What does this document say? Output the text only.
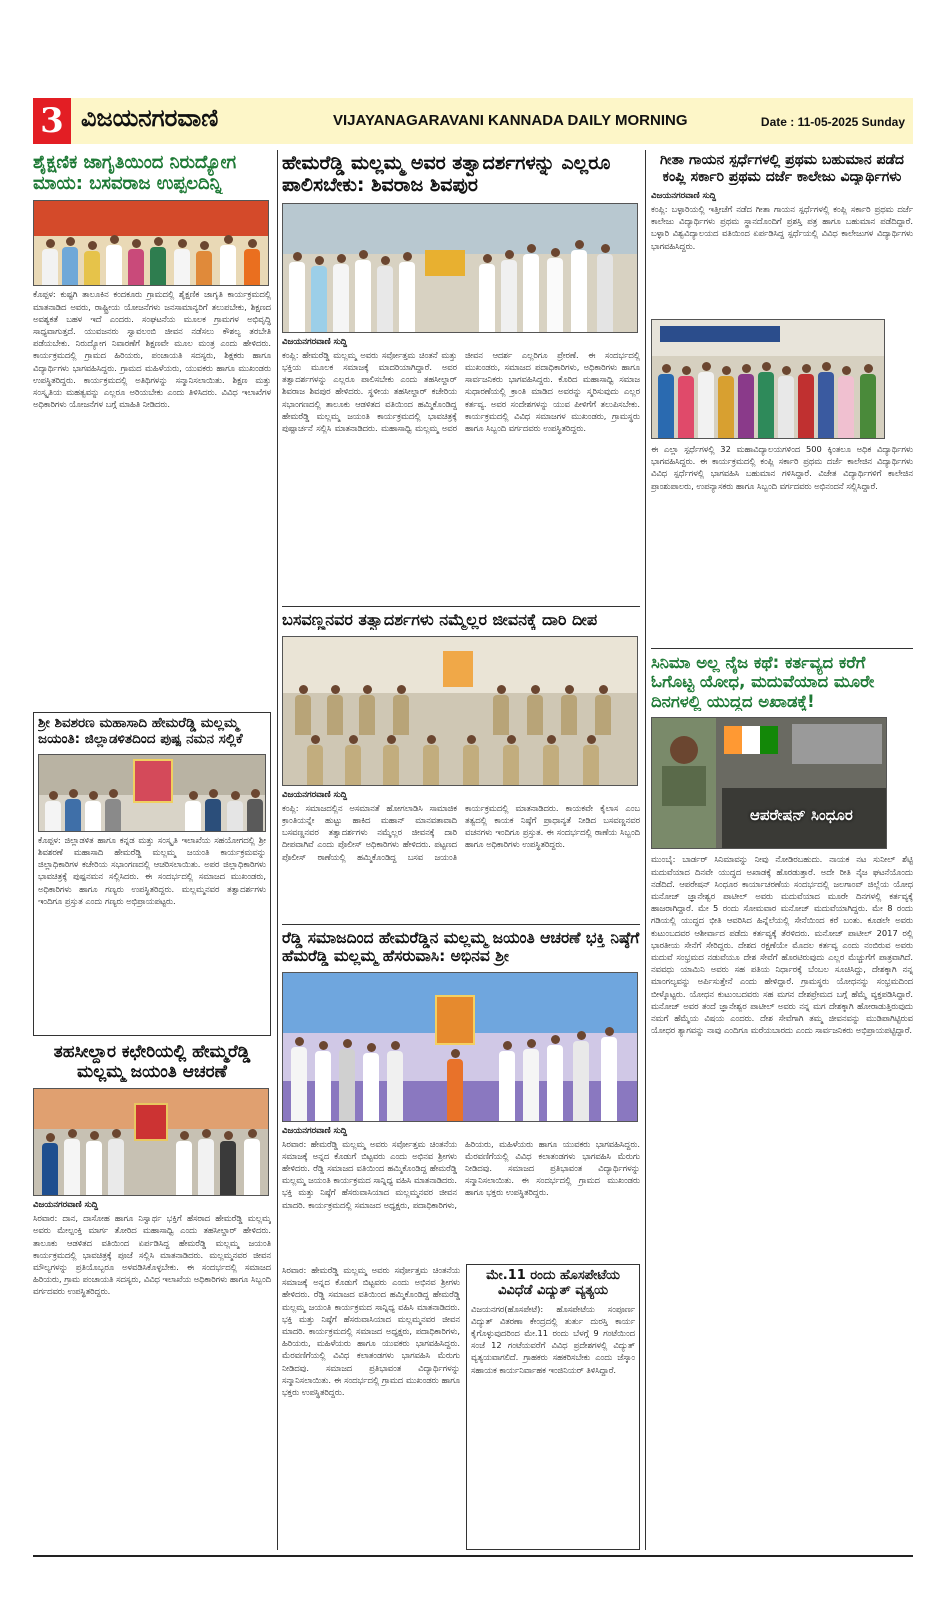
3 ವಿಜಯನಗರವಾಣಿ	VIJAYANAGARAVANI KANNADA DAILY MORNING	Date : 11-05-2025 Sunday
ಶೈಕ್ಷಣಿಕ ಜಾಗೃತಿಯಿಂದ ನಿರುದ್ಯೋಗ ಮಾಯ: ಬಸವರಾಜ ಉಪ್ಪಲದಿನ್ನಿ
ಕೊಪ್ಪಳ: ಕುಷ್ಟಗಿ ತಾಲೂಕಿನ ಕಂದಕೂರು ಗ್ರಾಮದಲ್ಲಿ ಶೈಕ್ಷಣಿಕ ಜಾಗೃತಿ ಕಾರ್ಯಕ್ರಮದಲ್ಲಿ ಮಾತನಾಡಿದ ಅವರು, ರಾಷ್ಟ್ರೀಯ ಯೋಜನೆಗಳು ಜನಸಾಮಾನ್ಯರಿಗೆ ತಲುಪಬೇಕು, ಶಿಕ್ಷಣದ ಅವಶ್ಯಕತೆ ಬಹಳ ಇದೆ ಎಂದರು. ಸಂಘಟನೆಯ ಮೂಲಕ ಗ್ರಾಮಗಳ ಅಭಿವೃದ್ಧಿ ಸಾಧ್ಯವಾಗುತ್ತದೆ. ಯುವಜನರು ಸ್ವಾವಲಂಬಿ ಜೀವನ ನಡೆಸಲು ಕೌಶಲ್ಯ ತರಬೇತಿ ಪಡೆಯಬೇಕು. ನಿರುದ್ಯೋಗ ನಿವಾರಣೆಗೆ ಶಿಕ್ಷಣವೇ ಮೂಲ ಮಂತ್ರ ಎಂದು ಹೇಳಿದರು. ಕಾರ್ಯಕ್ರಮದಲ್ಲಿ ಗ್ರಾಮದ ಹಿರಿಯರು, ಪಂಚಾಯತಿ ಸದಸ್ಯರು, ಶಿಕ್ಷಕರು ಹಾಗೂ ವಿದ್ಯಾರ್ಥಿಗಳು ಭಾಗವಹಿಸಿದ್ದರು. ಗ್ರಾಮದ ಮಹಿಳೆಯರು, ಯುವಕರು ಹಾಗೂ ಮುಖಂಡರು ಉಪಸ್ಥಿತರಿದ್ದರು. ಕಾರ್ಯಕ್ರಮದಲ್ಲಿ ಅತಿಥಿಗಳನ್ನು ಸನ್ಮಾನಿಸಲಾಯಿತು. ಶಿಕ್ಷಣ ಮತ್ತು ಸಂಸ್ಕೃತಿಯ ಮಹತ್ವವನ್ನು ಎಲ್ಲರೂ ಅರಿಯಬೇಕು ಎಂದು ತಿಳಿಸಿದರು. ವಿವಿಧ ಇಲಾಖೆಗಳ ಅಧಿಕಾರಿಗಳು ಯೋಜನೆಗಳ ಬಗ್ಗೆ ಮಾಹಿತಿ ನೀಡಿದರು.
ಶ್ರೀ ಶಿವಶರಣ ಮಹಾಸಾದಿ ಹೇಮರೆಡ್ಡಿ ಮಲ್ಲಮ್ಮ ಜಯಂತಿ: ಜಿಲ್ಲಾಡಳಿತದಿಂದ ಪುಷ್ಪ ನಮನ ಸಲ್ಲಿಕೆ
ಕೊಪ್ಪಳ: ಜಿಲ್ಲಾಡಳಿತ ಹಾಗೂ ಕನ್ನಡ ಮತ್ತು ಸಂಸ್ಕೃತಿ ಇಲಾಖೆಯ ಸಹಯೋಗದಲ್ಲಿ ಶ್ರೀ ಶಿವಶರಣೆ ಮಹಾಸಾದಿ ಹೇಮರೆಡ್ಡಿ ಮಲ್ಲಮ್ಮ ಜಯಂತಿ ಕಾರ್ಯಕ್ರಮವನ್ನು ಜಿಲ್ಲಾಧಿಕಾರಿಗಳ ಕಚೇರಿಯ ಸಭಾಂಗಣದಲ್ಲಿ ಆಚರಿಸಲಾಯಿತು. ಅಪರ ಜಿಲ್ಲಾಧಿಕಾರಿಗಳು ಭಾವಚಿತ್ರಕ್ಕೆ ಪುಷ್ಪನಮನ ಸಲ್ಲಿಸಿದರು. ಈ ಸಂದರ್ಭದಲ್ಲಿ ಸಮಾಜದ ಮುಖಂಡರು, ಅಧಿಕಾರಿಗಳು ಹಾಗೂ ಗಣ್ಯರು ಉಪಸ್ಥಿತರಿದ್ದರು. ಮಲ್ಲಮ್ಮನವರ ತತ್ವಾದರ್ಶಗಳು ಇಂದಿಗೂ ಪ್ರಸ್ತುತ ಎಂದು ಗಣ್ಯರು ಅಭಿಪ್ರಾಯಪಟ್ಟರು.
ತಹಸೀಲ್ದಾರ ಕಛೇರಿಯಲ್ಲಿ ಹೇಮ್ಮರೆಡ್ಡಿ ಮಲ್ಲಮ್ಮ ಜಯಂತಿ ಆಚರಣೆ
ವಿಜಯನಗರವಾಣಿ ಸುದ್ದಿ
ಸಿರವಾರ: ದಾನ, ದಾಸೋಹ ಹಾಗೂ ನಿಸ್ವಾರ್ಥ ಭಕ್ತಿಗೆ ಹೆಸರಾದ ಹೇಮರೆಡ್ಡಿ ಮಲ್ಲಮ್ಮ ಅವರು ಮೇಲ್ಪಂಕ್ತಿ ಮಾರ್ಗ ತೋರಿದ ಮಹಾಸಾಧ್ವಿ ಎಂದು ತಹಸೀಲ್ದಾರ್ ಹೇಳಿದರು. ತಾಲೂಕು ಆಡಳಿತದ ವತಿಯಿಂದ ಏರ್ಪಡಿಸಿದ್ದ ಹೇಮರೆಡ್ಡಿ ಮಲ್ಲಮ್ಮ ಜಯಂತಿ ಕಾರ್ಯಕ್ರಮದಲ್ಲಿ ಭಾವಚಿತ್ರಕ್ಕೆ ಪೂಜೆ ಸಲ್ಲಿಸಿ ಮಾತನಾಡಿದರು. ಮಲ್ಲಮ್ಮನವರ ಜೀವನ ಮೌಲ್ಯಗಳನ್ನು ಪ್ರತಿಯೊಬ್ಬರೂ ಅಳವಡಿಸಿಕೊಳ್ಳಬೇಕು. ಈ ಸಂದರ್ಭದಲ್ಲಿ ಸಮಾಜದ ಹಿರಿಯರು, ಗ್ರಾಮ ಪಂಚಾಯತಿ ಸದಸ್ಯರು, ವಿವಿಧ ಇಲಾಖೆಯ ಅಧಿಕಾರಿಗಳು ಹಾಗೂ ಸಿಬ್ಬಂದಿ ವರ್ಗದವರು ಉಪಸ್ಥಿತರಿದ್ದರು.
ಹೇಮರೆಡ್ಡಿ ಮಲ್ಲಮ್ಮ ಅವರ ತತ್ವಾದರ್ಶಗಳನ್ನು ಎಲ್ಲರೂ ಪಾಲಿಸಬೇಕು: ಶಿವರಾಜ ಶಿವಪುರ
ವಿಜಯನಗರವಾಣಿ ಸುದ್ದಿ
ಕಂಪ್ಲಿ: ಹೇಮರೆಡ್ಡಿ ಮಲ್ಲಮ್ಮ ಅವರು ಸರ್ವೋತ್ತಮ ಚಿಂತನೆ ಮತ್ತು ಭಕ್ತಿಯ ಮೂಲಕ ಸಮಾಜಕ್ಕೆ ಮಾದರಿಯಾಗಿದ್ದಾರೆ. ಅವರ ತತ್ವಾದರ್ಶಗಳನ್ನು ಎಲ್ಲರೂ ಪಾಲಿಸಬೇಕು ಎಂದು ತಹಸೀಲ್ದಾರ್ ಶಿವರಾಜ ಶಿವಪುರ ಹೇಳಿದರು. ಸ್ಥಳೀಯ ತಹಸೀಲ್ದಾರ್ ಕಚೇರಿಯ ಸಭಾಂಗಣದಲ್ಲಿ ತಾಲೂಕು ಆಡಳಿತದ ವತಿಯಿಂದ ಹಮ್ಮಿಕೊಂಡಿದ್ದ ಹೇಮರೆಡ್ಡಿ ಮಲ್ಲಮ್ಮ ಜಯಂತಿ ಕಾರ್ಯಕ್ರಮದಲ್ಲಿ ಭಾವಚಿತ್ರಕ್ಕೆ ಪುಷ್ಪಾರ್ಚನೆ ಸಲ್ಲಿಸಿ ಮಾತನಾಡಿದರು. ಮಹಾಸಾಧ್ವಿ ಮಲ್ಲಮ್ಮ ಅವರ ಜೀವನ ಆದರ್ಶ ಎಲ್ಲರಿಗೂ ಪ್ರೇರಣೆ. ಈ ಸಂದರ್ಭದಲ್ಲಿ ಮುಖಂಡರು, ಸಮಾಜದ ಪದಾಧಿಕಾರಿಗಳು, ಅಧಿಕಾರಿಗಳು ಹಾಗೂ ಸಾರ್ವಜನಿಕರು ಭಾಗವಹಿಸಿದ್ದರು. ಕೊರಿದ ಮಹಾಸಾಧ್ವಿ ಸಮಾಜ ಸುಧಾರಣೆಯಲ್ಲಿ ಕ್ರಾಂತಿ ಮಾಡಿದ ಅವರನ್ನು ಸ್ಮರಿಸುವುದು ಎಲ್ಲರ ಕರ್ತವ್ಯ. ಅವರ ಸಂದೇಶಗಳನ್ನು ಯುವ ಪೀಳಿಗೆಗೆ ತಲುಪಿಸಬೇಕು. ಕಾರ್ಯಕ್ರಮದಲ್ಲಿ ವಿವಿಧ ಸಮಾಜಗಳ ಮುಖಂಡರು, ಗ್ರಾಮಸ್ಥರು ಹಾಗೂ ಸಿಬ್ಬಂದಿ ವರ್ಗದವರು ಉಪಸ್ಥಿತರಿದ್ದರು.
ಬಸವಣ್ಣನವರ ತತ್ವಾದರ್ಶಗಳು ನಮ್ಮೆಲ್ಲರ ಜೀವನಕ್ಕೆ ದಾರಿ ದೀಪ
ವಿಜಯನಗರವಾಣಿ ಸುದ್ದಿ
ಕಂಪ್ಲಿ: ಸಮಾಜದಲ್ಲಿನ ಅಸಮಾನತೆ ಹೋಗಲಾಡಿಸಿ ಸಾಮಾಜಿಕ ಕ್ರಾಂತಿಯನ್ನೇ ಹುಟ್ಟು ಹಾಕಿದ ಮಹಾನ್ ಮಾನವತಾವಾದಿ ಬಸವಣ್ಣನವರ ತತ್ವಾದರ್ಶಗಳು ನಮ್ಮೆಲ್ಲರ ಜೀವನಕ್ಕೆ ದಾರಿ ದೀಪವಾಗಿವೆ ಎಂದು ಪೊಲೀಸ್ ಅಧಿಕಾರಿಗಳು ಹೇಳಿದರು. ಪಟ್ಟಣದ ಪೊಲೀಸ್ ಠಾಣೆಯಲ್ಲಿ ಹಮ್ಮಿಕೊಂಡಿದ್ದ ಬಸವ ಜಯಂತಿ ಕಾರ್ಯಕ್ರಮದಲ್ಲಿ ಮಾತನಾಡಿದರು. ಕಾಯಕವೇ ಕೈಲಾಸ ಎಂಬ ತತ್ವದಲ್ಲಿ ಕಾಯಕ ನಿಷ್ಠೆಗೆ ಪ್ರಾಧಾನ್ಯತೆ ನೀಡಿದ ಬಸವಣ್ಣನವರ ವಚನಗಳು ಇಂದಿಗೂ ಪ್ರಸ್ತುತ. ಈ ಸಂದರ್ಭದಲ್ಲಿ ಠಾಣೆಯ ಸಿಬ್ಬಂದಿ ಹಾಗೂ ಅಧಿಕಾರಿಗಳು ಉಪಸ್ಥಿತರಿದ್ದರು.
ರೆಡ್ಡಿ ಸಮಾಜದಿಂದ ಹೇಮರೆಡ್ಡಿನ ಮಲ್ಲಮ್ಮ ಜಯಂತಿ ಆಚರಣೆ ಭಕ್ತಿ ನಿಷ್ಠೆಗೆ ಹೆಮರೆಡ್ಡಿ ಮಲ್ಲಮ್ಮ ಹೆಸರುವಾಸಿ: ಅಭಿನವ ಶ್ರೀ
ವಿಜಯನಗರವಾಣಿ ಸುದ್ದಿ
ಸಿರವಾರ: ಹೇಮರೆಡ್ಡಿ ಮಲ್ಲಮ್ಮ ಅವರು ಸರ್ವೋತ್ತಮ ಚಿಂತನೆಯ ಸಮಾಜಕ್ಕೆ ಅನ್ನದ ಕೊಡುಗೆ ಬಿಟ್ಟವರು ಎಂದು ಅಭಿನವ ಶ್ರೀಗಳು ಹೇಳಿದರು. ರೆಡ್ಡಿ ಸಮಾಜದ ವತಿಯಿಂದ ಹಮ್ಮಿಕೊಂಡಿದ್ದ ಹೇಮರೆಡ್ಡಿ ಮಲ್ಲಮ್ಮ ಜಯಂತಿ ಕಾರ್ಯಕ್ರಮದ ಸಾನ್ನಿಧ್ಯ ವಹಿಸಿ ಮಾತನಾಡಿದರು. ಭಕ್ತಿ ಮತ್ತು ನಿಷ್ಠೆಗೆ ಹೆಸರುವಾಸಿಯಾದ ಮಲ್ಲಮ್ಮನವರ ಜೀವನ ಮಾದರಿ. ಕಾರ್ಯಕ್ರಮದಲ್ಲಿ ಸಮಾಜದ ಅಧ್ಯಕ್ಷರು, ಪದಾಧಿಕಾರಿಗಳು, ಹಿರಿಯರು, ಮಹಿಳೆಯರು ಹಾಗೂ ಯುವಕರು ಭಾಗವಹಿಸಿದ್ದರು. ಮೆರವಣಿಗೆಯಲ್ಲಿ ವಿವಿಧ ಕಲಾತಂಡಗಳು ಭಾಗವಹಿಸಿ ಮೆರುಗು ನೀಡಿದವು. ಸಮಾಜದ ಪ್ರತಿಭಾವಂತ ವಿದ್ಯಾರ್ಥಿಗಳನ್ನು ಸನ್ಮಾನಿಸಲಾಯಿತು. ಈ ಸಂದರ್ಭದಲ್ಲಿ ಗ್ರಾಮದ ಮುಖಂಡರು ಹಾಗೂ ಭಕ್ತರು ಉಪಸ್ಥಿತರಿದ್ದರು.
ಸಿರವಾರ: ಹೇಮರೆಡ್ಡಿ ಮಲ್ಲಮ್ಮ ಅವರು ಸರ್ವೋತ್ತಮ ಚಿಂತನೆಯ ಸಮಾಜಕ್ಕೆ ಅನ್ನದ ಕೊಡುಗೆ ಬಿಟ್ಟವರು ಎಂದು ಅಭಿನವ ಶ್ರೀಗಳು ಹೇಳಿದರು. ರೆಡ್ಡಿ ಸಮಾಜದ ವತಿಯಿಂದ ಹಮ್ಮಿಕೊಂಡಿದ್ದ ಹೇಮರೆಡ್ಡಿ ಮಲ್ಲಮ್ಮ ಜಯಂತಿ ಕಾರ್ಯಕ್ರಮದ ಸಾನ್ನಿಧ್ಯ ವಹಿಸಿ ಮಾತನಾಡಿದರು. ಭಕ್ತಿ ಮತ್ತು ನಿಷ್ಠೆಗೆ ಹೆಸರುವಾಸಿಯಾದ ಮಲ್ಲಮ್ಮನವರ ಜೀವನ ಮಾದರಿ. ಕಾರ್ಯಕ್ರಮದಲ್ಲಿ ಸಮಾಜದ ಅಧ್ಯಕ್ಷರು, ಪದಾಧಿಕಾರಿಗಳು, ಹಿರಿಯರು, ಮಹಿಳೆಯರು ಹಾಗೂ ಯುವಕರು ಭಾಗವಹಿಸಿದ್ದರು. ಮೆರವಣಿಗೆಯಲ್ಲಿ ವಿವಿಧ ಕಲಾತಂಡಗಳು ಭಾಗವಹಿಸಿ ಮೆರುಗು ನೀಡಿದವು. ಸಮಾಜದ ಪ್ರತಿಭಾವಂತ ವಿದ್ಯಾರ್ಥಿಗಳನ್ನು ಸನ್ಮಾನಿಸಲಾಯಿತು. ಈ ಸಂದರ್ಭದಲ್ಲಿ ಗ್ರಾಮದ ಮುಖಂಡರು ಹಾಗೂ ಭಕ್ತರು ಉಪಸ್ಥಿತರಿದ್ದರು.
ಮೇ.11 ರಂದು ಹೊಸಪೇಟೆಯ ವಿವಿಧೆಡೆ ವಿದ್ಯುತ್ ವ್ಯತ್ಯಯ
ವಿಜಯನಗರ(ಹೊಸಪೇಟೆ): ಹೊಸಪೇಟೆಯ ಸಂಪೂರ್ಣ ವಿದ್ಯುತ್ ವಿತರಣಾ ಕೇಂದ್ರದಲ್ಲಿ ತುರ್ತು ದುರಸ್ತಿ ಕಾರ್ಯ ಕೈಗೊಳ್ಳುವುದರಿಂದ ಮೇ.11 ರಂದು ಬೆಳಗ್ಗೆ 9 ಗಂಟೆಯಿಂದ ಸಂಜೆ 12 ಗಂಟೆಯವರೆಗೆ ವಿವಿಧ ಪ್ರದೇಶಗಳಲ್ಲಿ ವಿದ್ಯುತ್ ವ್ಯತ್ಯಯವಾಗಲಿದೆ. ಗ್ರಾಹಕರು ಸಹಕರಿಸಬೇಕು ಎಂದು ಜೆಸ್ಕಾಂ ಸಹಾಯಕ ಕಾರ್ಯನಿರ್ವಾಹಕ ಇಂಜಿನಿಯರ್ ತಿಳಿಸಿದ್ದಾರೆ.
ಗೀತಾ ಗಾಯನ ಸ್ಪರ್ಧೆಗಳಲ್ಲಿ ಪ್ರಥಮ ಬಹುಮಾನ ಪಡೆದ ಕಂಪ್ಲಿ ಸರ್ಕಾರಿ ಪ್ರಥಮ ದರ್ಜೆ ಕಾಲೇಜು ವಿದ್ಯಾರ್ಥಿಗಳು
ವಿಜಯನಗರವಾಣಿ ಸುದ್ದಿ
ಕಂಪ್ಲಿ: ಬಳ್ಳಾರಿಯಲ್ಲಿ ಇತ್ತೀಚೆಗೆ ನಡೆದ ಗೀತಾ ಗಾಯನ ಸ್ಪರ್ಧೆಗಳಲ್ಲಿ ಕಂಪ್ಲಿ ಸರ್ಕಾರಿ ಪ್ರಥಮ ದರ್ಜೆ ಕಾಲೇಜು ವಿದ್ಯಾರ್ಥಿಗಳು ಪ್ರಥಮ ಸ್ಥಾನದೊಂದಿಗೆ ಪ್ರಶಸ್ತಿ ಪತ್ರ ಹಾಗೂ ಬಹುಮಾನ ಪಡೆದಿದ್ದಾರೆ. ಬಳ್ಳಾರಿ ವಿಶ್ವವಿದ್ಯಾಲಯದ ವತಿಯಿಂದ ಏರ್ಪಡಿಸಿದ್ದ ಸ್ಪರ್ಧೆಯಲ್ಲಿ ವಿವಿಧ ಕಾಲೇಜುಗಳ ವಿದ್ಯಾರ್ಥಿಗಳು ಭಾಗವಹಿಸಿದ್ದರು.
ಈ ಎಲ್ಲಾ ಸ್ಪರ್ಧೆಗಳಲ್ಲಿ 32 ಮಹಾವಿದ್ಯಾಲಯಗಳಿಂದ 500 ಕ್ಕಿಂತಲೂ ಅಧಿಕ ವಿದ್ಯಾರ್ಥಿಗಳು ಭಾಗವಹಿಸಿದ್ದರು. ಈ ಕಾರ್ಯಕ್ರಮದಲ್ಲಿ ಕಂಪ್ಲಿ ಸರ್ಕಾರಿ ಪ್ರಥಮ ದರ್ಜೆ ಕಾಲೇಜಿನ ವಿದ್ಯಾರ್ಥಿಗಳು ವಿವಿಧ ಸ್ಪರ್ಧೆಗಳಲ್ಲಿ ಭಾಗವಹಿಸಿ ಬಹುಮಾನ ಗಳಿಸಿದ್ದಾರೆ. ವಿಜೇತ ವಿದ್ಯಾರ್ಥಿಗಳಿಗೆ ಕಾಲೇಜಿನ ಪ್ರಾಂಶುಪಾಲರು, ಉಪನ್ಯಾಸಕರು ಹಾಗೂ ಸಿಬ್ಬಂದಿ ವರ್ಗದವರು ಅಭಿನಂದನೆ ಸಲ್ಲಿಸಿದ್ದಾರೆ.
ಸಿನಿಮಾ ಅಲ್ಲ ನೈಜ ಕಥೆ: ಕರ್ತವ್ಯದ ಕರೆಗೆ ಓಗೊಟ್ಟ ಯೋಧ, ಮದುವೆಯಾದ ಮೂರೇ ದಿನಗಳಲ್ಲಿ ಯುದ್ಧದ ಅಖಾಡಕ್ಕೆ!
ಆಪರೇಷನ್ ಸಿಂಧೂರ
ಮುಂಬೈ: ಬಾರ್ಡರ್ ಸಿನಿಮಾವನ್ನು ನೀವು ನೋಡಿರಬಹುದು. ನಾಯಕ ನಟ ಸುನೀಲ್ ಶೆಟ್ಟಿ ಮದುವೆಯಾದ ದಿನವೇ ಯುದ್ಧದ ಅಖಾಡಕ್ಕೆ ಹೊರಡುತ್ತಾರೆ. ಅದೇ ರೀತಿ ನೈಜ ಘಟನೆಯೊಂದು ನಡೆದಿದೆ. ಆಪರೇಷನ್ ಸಿಂಧೂರ ಕಾರ್ಯಾಚರಣೆಯ ಸಂದರ್ಭದಲ್ಲಿ ಜಲಗಾಂವ್ ಜಿಲ್ಲೆಯ ಯೋಧ ಮನೋಜ್ ಜ್ಞಾನೇಶ್ವರ ಪಾಟೀಲ್ ಅವರು ಮದುವೆಯಾದ ಮೂರೇ ದಿನಗಳಲ್ಲಿ ಕರ್ತವ್ಯಕ್ಕೆ ಹಾಜರಾಗಿದ್ದಾರೆ. ಮೇ 5 ರಂದು ಸೋಮವಾರ ಮನೋಜ್ ಮದುವೆಯಾಗಿದ್ದರು. ಮೇ 8 ರಂದು ಗಡಿಯಲ್ಲಿ ಯುದ್ಧದ ಭೀತಿ ಆವರಿಸಿದ ಹಿನ್ನೆಲೆಯಲ್ಲಿ ಸೇನೆಯಿಂದ ಕರೆ ಬಂತು. ಕೂಡಲೇ ಅವರು ಕುಟುಂಬದವರ ಆಶೀರ್ವಾದ ಪಡೆದು ಕರ್ತವ್ಯಕ್ಕೆ ತೆರಳಿದರು. ಮನೋಜ್ ಪಾಟೀಲ್ 2017 ರಲ್ಲಿ ಭಾರತೀಯ ಸೇನೆಗೆ ಸೇರಿದ್ದರು. ದೇಶದ ರಕ್ಷಣೆಯೇ ಮೊದಲ ಕರ್ತವ್ಯ ಎಂದು ನಂಬಿರುವ ಅವರು ಮದುವೆ ಸಂಭ್ರಮದ ನಡುವೆಯೂ ದೇಶ ಸೇವೆಗೆ ಹೊರಟಿರುವುದು ಎಲ್ಲರ ಮೆಚ್ಚುಗೆಗೆ ಪಾತ್ರವಾಗಿದೆ. ನವವಧು ಯಾಮಿನಿ ಅವರು ಸಹ ಪತಿಯ ನಿರ್ಧಾರಕ್ಕೆ ಬೆಂಬಲ ಸೂಚಿಸಿದ್ದು, ದೇಶಕ್ಕಾಗಿ ನನ್ನ ಮಾಂಗಲ್ಯವನ್ನು ಅರ್ಪಿಸುತ್ತೇನೆ ಎಂದು ಹೇಳಿದ್ದಾರೆ. ಗ್ರಾಮಸ್ಥರು ಯೋಧನನ್ನು ಸಂಭ್ರಮದಿಂದ ಬೀಳ್ಕೊಟ್ಟರು. ಯೋಧನ ಕುಟುಂಬದವರು ಸಹ ಮಗನ ದೇಶಪ್ರೇಮದ ಬಗ್ಗೆ ಹೆಮ್ಮೆ ವ್ಯಕ್ತಪಡಿಸಿದ್ದಾರೆ. ಮನೋಜ್ ಅವರ ತಂದೆ ಜ್ಞಾನೇಶ್ವರ ಪಾಟೀಲ್ ಅವರು ನನ್ನ ಮಗ ದೇಶಕ್ಕಾಗಿ ಹೋರಾಡುತ್ತಿರುವುದು ನಮಗೆ ಹೆಮ್ಮೆಯ ವಿಷಯ ಎಂದರು. ದೇಶ ಸೇವೆಗಾಗಿ ತಮ್ಮ ಜೀವನವನ್ನು ಮುಡಿಪಾಗಿಟ್ಟಿರುವ ಯೋಧರ ತ್ಯಾಗವನ್ನು ನಾವು ಎಂದಿಗೂ ಮರೆಯಬಾರದು ಎಂದು ಸಾರ್ವಜನಿಕರು ಅಭಿಪ್ರಾಯಪಟ್ಟಿದ್ದಾರೆ.
